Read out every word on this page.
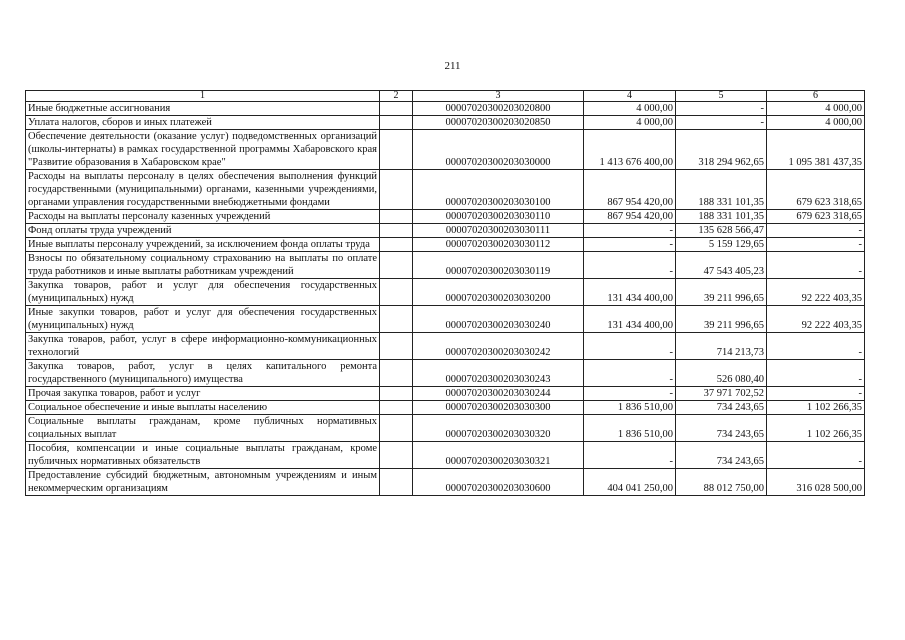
211
1	2	3	4	5	6
Иные бюджетные ассигнования		00007020300203020800	4 000,00	-	4 000,00
Уплата налогов, сборов и иных платежей		00007020300203020850	4 000,00	-	4 000,00
Обеспечение деятельности (оказание услуг) подведомственных организаций (школы-интернаты) в рамках государственной программы Хабаровского края "Развитие образования в Хабаровском крае"		00007020300203030000	1 413 676 400,00	318 294 962,65	1 095 381 437,35
Расходы на выплаты персоналу в целях обеспечения выполнения функций государственными (муниципальными) органами, казенными учреждениями, органами управления государственными внебюджетными фондами		00007020300203030100	867 954 420,00	188 331 101,35	679 623 318,65
Расходы на выплаты персоналу казенных учреждений		00007020300203030110	867 954 420,00	188 331 101,35	679 623 318,65
Фонд оплаты труда учреждений		00007020300203030111	-	135 628 566,47	-
Иные выплаты персоналу учреждений, за исключением фонда оплаты труда		00007020300203030112	-	5 159 129,65	-
Взносы по обязательному социальному страхованию на выплаты по оплате труда работников и иные выплаты работникам учреждений		00007020300203030119	-	47 543 405,23	-
Закупка товаров, работ и услуг для обеспечения государственных (муниципальных) нужд		00007020300203030200	131 434 400,00	39 211 996,65	92 222 403,35
Иные закупки товаров, работ и услуг для обеспечения государственных (муниципальных) нужд		00007020300203030240	131 434 400,00	39 211 996,65	92 222 403,35
Закупка товаров, работ, услуг в сфере информационно-коммуникационных технологий		00007020300203030242	-	714 213,73	-
Закупка товаров, работ, услуг в целях капитального ремонта государственного (муниципального) имущества		00007020300203030243	-	526 080,40	-
Прочая закупка товаров, работ и услуг		00007020300203030244	-	37 971 702,52	-
Социальное обеспечение и иные выплаты населению		00007020300203030300	1 836 510,00	734 243,65	1 102 266,35
Социальные выплаты гражданам, кроме публичных нормативных социальных выплат		00007020300203030320	1 836 510,00	734 243,65	1 102 266,35
Пособия, компенсации и иные социальные выплаты гражданам, кроме публичных нормативных обязательств		00007020300203030321	-	734 243,65	-
Предоставление субсидий бюджетным, автономным учреждениям и иным некоммерческим организациям		00007020300203030600	404 041 250,00	88 012 750,00	316 028 500,00
